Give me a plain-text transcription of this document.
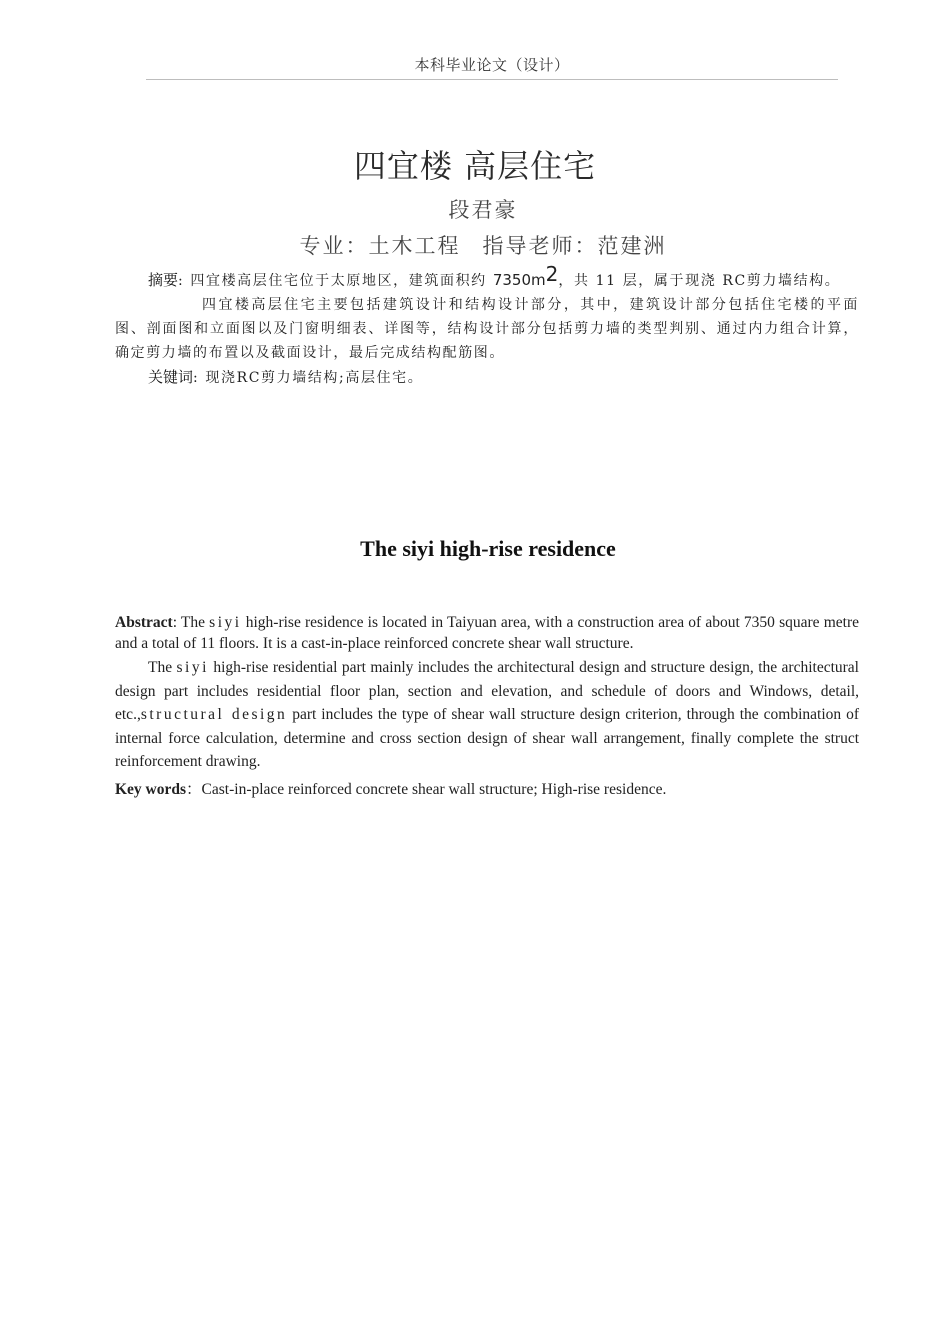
本科毕业论文（设计）
四宜楼 高层住宅
段君豪
专业：土木工程 指导老师：范建洲

摘要: 四宜楼高层住宅位于太原地区，建筑面积约 $7350m^2$，共 11 层，属于现浇 RC剪力墙结构。

四宜楼高层住宅主要包括建筑设计和结构设计部分，其中，建筑设计部分包括住宅楼的平面 图、剖面图和立面图以及门窗明细表、详图等，结构设计部分包括剪力墙的类型判别、通过内力组合计算，确定剪力墙的布置以及截面设计，最后完成结构配筋图。

关键词: 现浇RC剪力墙结构;高层住宅。

The siyi high-rise residence

Abstract: The siyi high-rise residence is located in Taiyuan area, with a construction area of about 7350 square metre and a total of 11 floors. It is a cast-in-place reinforced concrete shear wall structure.

The siyi high-rise residential part mainly includes the architectural design and structure design, the architectural design part includes residential floor plan, section and elevation, and schedule of doors and Windows, detail, etc.,structural design part includes the type of shear wall structure design criterion, through the combination of internal force calculation, determine and cross section design of shear wall arrangement, finally complete the struct reinforcement drawing.

Key words：Cast-in-place reinforced concrete shear wall structure; High-rise residence.
